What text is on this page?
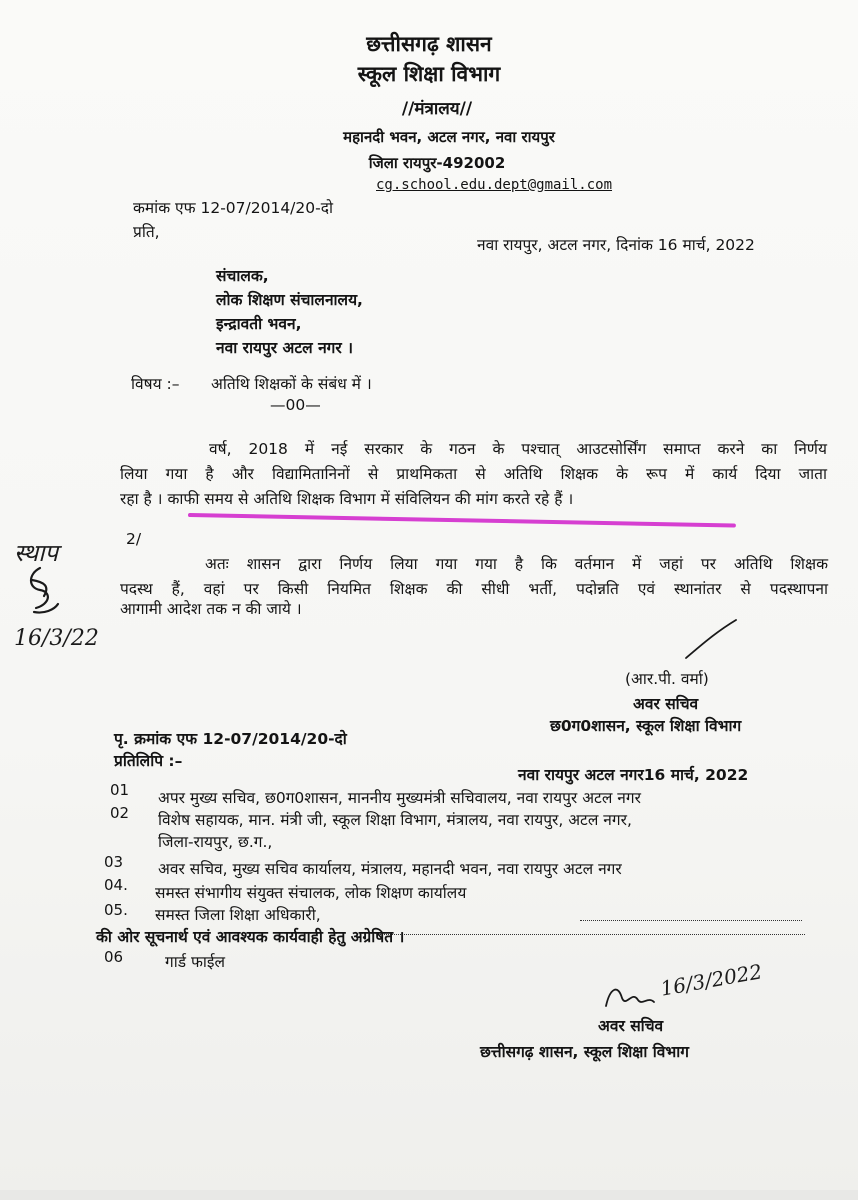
छत्तीसगढ़ शासन
स्कूल शिक्षा विभाग
//मंत्रालय//
महानदी भवन, अटल नगर, नवा रायपुर
जिला रायपुर-492002
cg.school.edu.dept@gmail.com
कमांक एफ 12-07/2014/20-दो
प्रति,
नवा रायपुर, अटल नगर, दिनांक 16 मार्च, 2022
संचालक,
लोक शिक्षण संचालनालय,
इन्द्रावती भवन,
नवा रायपुर अटल नगर ।
विषय :– अतिथि शिक्षकों के संबंध में ।
—00—
वर्ष, 2018 में नई सरकार के गठन के पश्चात् आउटसोर्सिंग समाप्त करने का निर्णय
लिया गया है और विद्यामितानिनों से प्राथमिकता से अतिथि शिक्षक के रूप में कार्य दिया जाता
रहा है । काफी समय से अतिथि शिक्षक विभाग में संविलियन की मांग करते रहे हैं ।
2/
अतः शासन द्वारा निर्णय लिया गया गया है कि वर्तमान में जहां पर अतिथि शिक्षक
पदस्थ हैं, वहां पर किसी नियमित शिक्षक की सीधी भर्ती, पदोन्नति एवं स्थानांतर से पदस्थापना
आगामी आदेश तक न की जाये ।
स्थाप
16/3/22
(आर.पी. वर्मा)
अवर सचिव
छ0ग0शासन, स्कूल शिक्षा विभाग
पृ. क्रमांक एफ 12-07/2014/20-दो
प्रतिलिपि :–
नवा रायपुर अटल नगर16 मार्च, 2022
01 अपर मुख्य सचिव, छ0ग0शासन, माननीय मुख्यमंत्री सचिवालय, नवा रायपुर अटल नगर
02 विशेष सहायक, मान. मंत्री जी, स्कूल शिक्षा विभाग, मंत्रालय, नवा रायपुर, अटल नगर,
जिला-रायपुर, छ.ग.,
03 अवर सचिव, मुख्य सचिव कार्यालय, मंत्रालय, महानदी भवन, नवा रायपुर अटल नगर
04. समस्त संभागीय संयुक्त संचालक, लोक शिक्षण कार्यालय
05. समस्त जिला शिक्षा अधिकारी,
की ओर सूचनार्थ एवं आवश्यक कार्यवाही हेतु अग्रेषित ।
06	गार्ड फाईल	16/3/2022
अवर सचिव
छत्तीसगढ़ शासन, स्कूल शिक्षा विभाग
